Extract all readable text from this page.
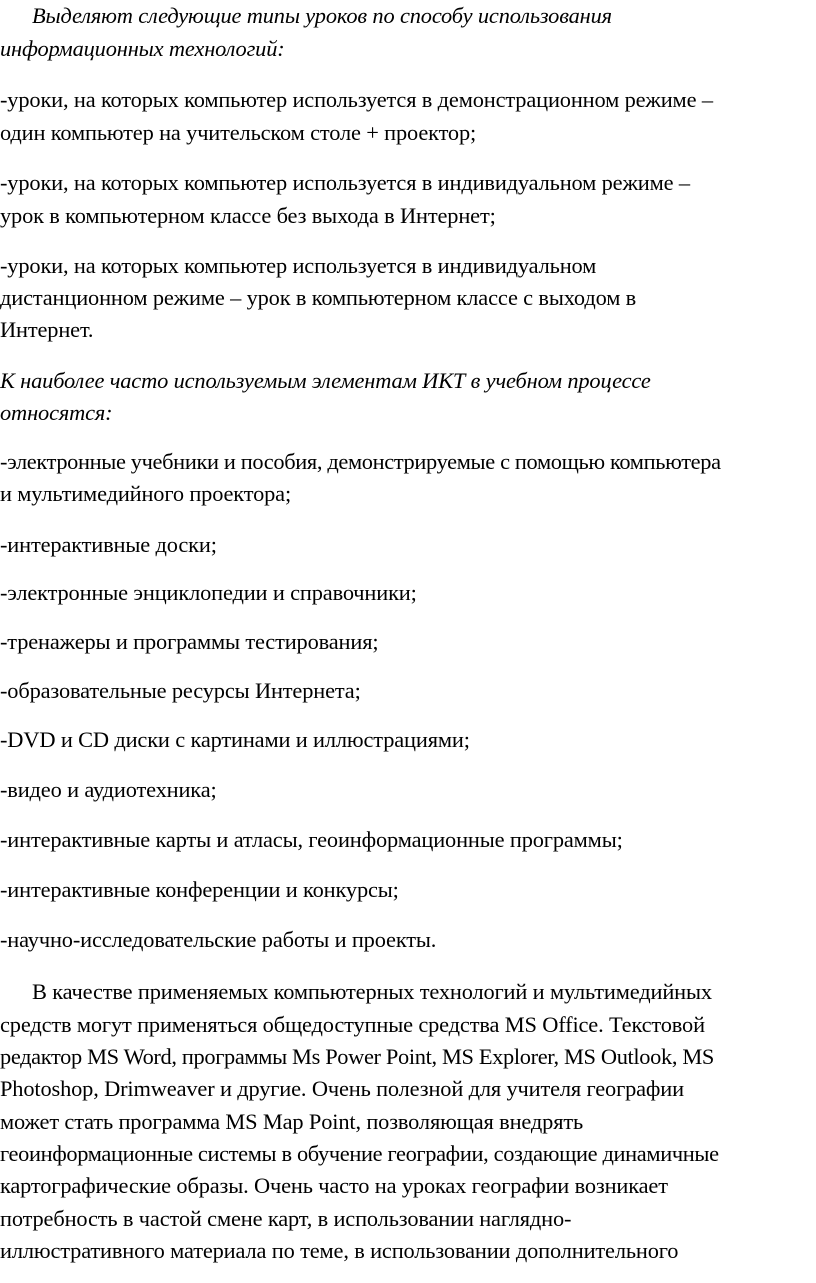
Выделяют следующие типы уроков по способу использования
информационных технологий:
-уроки, на которых компьютер используется в демонстрационном режиме –
один компьютер на учительском столе + проектор;
-уроки, на которых компьютер используется в индивидуальном режиме –
урок в компьютерном классе без выхода в Интернет;
-уроки, на которых компьютер используется в индивидуальном
дистанционном режиме – урок в компьютерном классе с выходом в
Интернет.
К наиболее часто используемым элементам ИКТ в учебном процессе
относятся:
-электронные учебники и пособия, демонстрируемые с помощью компьютера
и мультимедийного проектора;
-интерактивные доски;
-электронные энциклопедии и справочники;
-тренажеры и программы тестирования;
-образовательные ресурсы Интернета;
-DVD и CD диски с картинами и иллюстрациями;
-видео и аудиотехника;
-интерактивные карты и атласы, геоинформационные программы;
-интерактивные конференции и конкурсы;
-научно-исследовательские работы и проекты.
В качестве применяемых компьютерных технологий и мультимедийных
средств могут применяться общедоступные средства MS Office. Текстовой
редактор MS Word, программы Ms Power Point, MS Explorer, MS Outlook, MS
Photoshop, Drimweaver и другие. Очень полезной для учителя географии
может стать программа MS Map Point, позволяющая внедрять
геоинформационные системы в обучение географии, создающие динамичные
картографические образы. Очень часто на уроках географии возникает
потребность в частой смене карт, в использовании наглядно-
иллюстративного материала по теме, в использовании дополнительного
